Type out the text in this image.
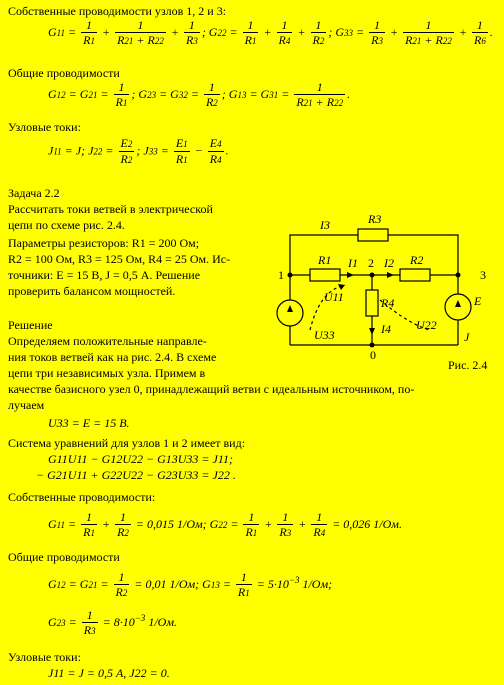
Собственные проводимости узлов 1, 2 и 3:
$G11 = \frac{1}{R1} + \frac{1}{R21 + R22} + \frac{1}{R3}$ ; $G22 = \frac{1}{R1} + \frac{1}{R4} + \frac{1}{R2}$ ; $G33 = \frac{1}{R3} + \frac{1}{R21 + R22} + \frac{1}{R6}$ .
Общие проводимости
$G12 = G21 = \frac{1}{R1}$ ; $G23 = G32 = \frac{1}{R2}$ ; $G13 = G31 = \frac{1}{R21 + R22}$ .
Узловые токи:
J11 = J; $J22 = \frac{E2}{R2}$ ; $J33 = \frac{E1}{R1} - \frac{E4}{R4}$ .
Задача 2.2
Рассчитать токи ветвей в электрической
цепи по схеме рис. 2.4.
Параметры резисторов: R1 = 200 Ом;
R2 = 100 Ом, R3 = 125 Ом, R4 = 25 Ом. Ис-
точники: E = 15 В, J = 0,5 А. Решение
проверить балансом мощностей.
I3	R3
R1 I1 I2 R2
R4
I4
U11
U22
U33
E
J
1
2
3
0
Рис. 2.4
Решение
Определяем положительные направле-
ния токов ветвей как на рис. 2.4. В схеме
цепи три независимых узла. Примем в
качестве базисного узел 0, принадлежащий ветви с идеальным источником, по-
лучаем
U33 = E = 15 В.
Система уравнений для узлов 1 и 2 имеет вид:
G11U11 − G12U22 − G13U33 = J11;
− G21U11 + G22U22 − G23U33 = J22 .
Собственные проводимости:
$G11 = \frac{1}{R1} + \frac{1}{R2} = 0,015$ 1/Ом; $G22 = \frac{1}{R1} + \frac{1}{R3} + \frac{1}{R4} = 0,026$ 1/Ом.
Общие проводимости
$G12 = G21 = \frac{1}{R2} = 0,01$ 1/Ом; $G13 = \frac{1}{R1} = 5\cdot 10^{-3}$ 1/Ом;
$G23 = \frac{1}{R3} = 8\cdot 10^{-3}$ 1/Ом.
Узловые токи:
J11 = J = 0,5 А, J22 = 0.
